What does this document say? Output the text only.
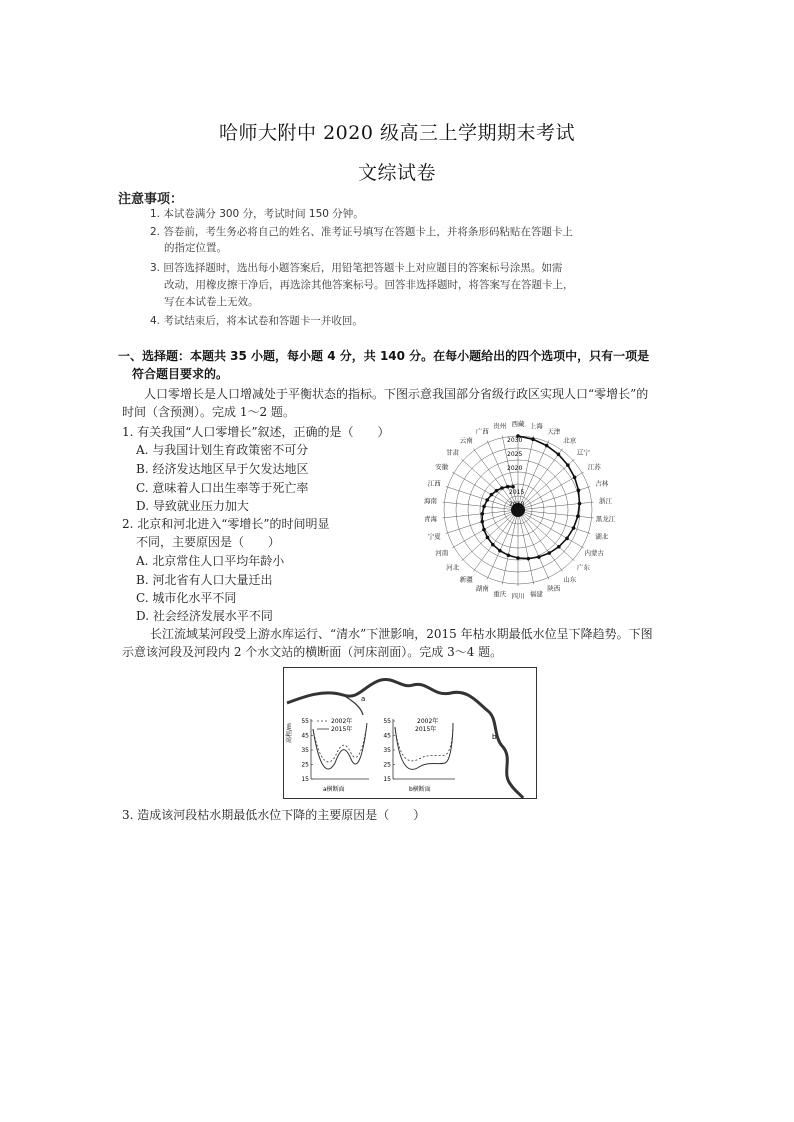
哈师大附中 2020 级高三上学期期末考试
文综试卷
注意事项：
1. 本试卷满分 300 分，考试时间 150 分钟。
2. 答卷前，考生务必将自己的姓名、准考证号填写在答题卡上，并将条形码粘贴在答题卡上
的指定位置。
3. 回答选择题时，选出每小题答案后，用铅笔把答题卡上对应题目的答案标号涂黑。如需
改动，用橡皮擦干净后，再选涂其他答案标号。回答非选择题时，将答案写在答题卡上，
写在本试卷上无效。
4. 考试结束后，将本试卷和答题卡一并收回。
一、选择题：本题共 35 小题，每小题 4 分，共 140 分。在每小题给出的四个选项中，只有一项是
符合题目要求的。
人口零增长是人口增减处于平衡状态的指标。下图示意我国部分省级行政区实现人口“零增长”的
时间（含预测）。完成 1～2 题。
1. 有关我国“人口零增长”叙述，正确的是（　　）
A. 与我国计划生育政策密不可分
B. 经济发达地区早于欠发达地区
C. 意味着人口出生率等于死亡率
D. 导致就业压力加大
2. 北京和河北进入“零增长”的时间明显
不同，主要原因是（　　）
A. 北京常住人口平均年龄小
B. 河北省有人口大量迁出
C. 城市化水平不同
D. 社会经济发展水平不同
西藏 上海
天津
北京
辽宁
江苏
吉林
浙江
黑龙江
湖北
内蒙古
广东
山东
陕西
福建
四川
重庆
湖南
新疆
河北
河南
宁夏
青海
海南
江西
安徽
甘肃
云南
广西
贵州
2030
2025
2020
2015
2010
长江流域某河段受上游水库运行、“清水”下泄影响，2015 年枯水期最低水位呈下降趋势。下图
示意该河段及河段内 2 个水文站的横断面（河床剖面）。完成 3～4 题。
a
b
高程/m
55
45
35
25
15
2002年
2015年
a横断面
55
45
35
25
15
2002年
2015年
b横断面
3. 造成该河段枯水期最低水位下降的主要原因是（　　）
